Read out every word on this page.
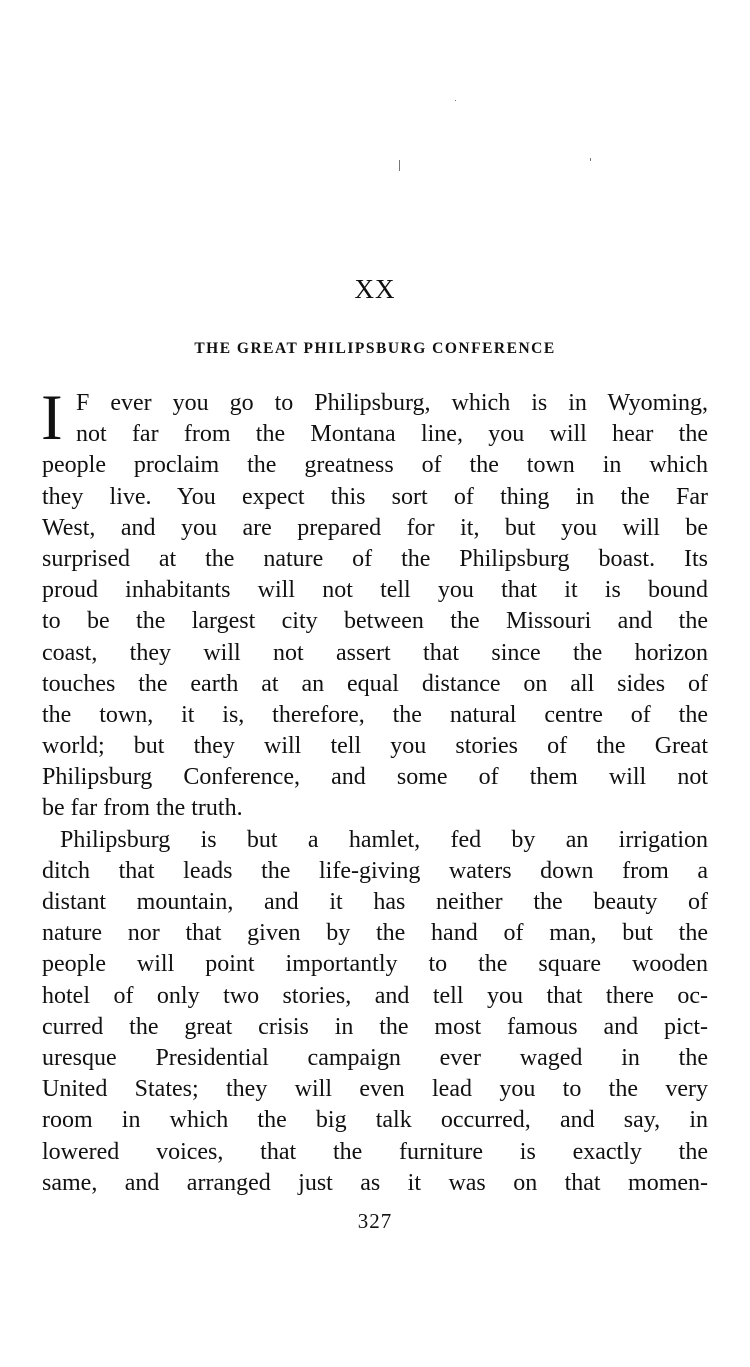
XX
THE GREAT PHILIPSBURG CONFERENCE
I F ever you go to Philipsburg, which is in Wyoming,
not far from the Montana line, you will hear the
people proclaim the greatness of the town in which
they live. You expect this sort of thing in the Far
West, and you are prepared for it, but you will be
surprised at the nature of the Philipsburg boast. Its
proud inhabitants will not tell you that it is bound
to be the largest city between the Missouri and the
coast, they will not assert that since the horizon
touches the earth at an equal distance on all sides of
the town, it is, therefore, the natural centre of the
world; but they will tell you stories of the Great
Philipsburg Conference, and some of them will not
be far from the truth.
Philipsburg is but a hamlet, fed by an irrigation
ditch that leads the life-giving waters down from a
distant mountain, and it has neither the beauty of
nature nor that given by the hand of man, but the
people will point importantly to the square wooden
hotel of only two stories, and tell you that there oc-
curred the great crisis in the most famous and pict-
uresque Presidential campaign ever waged in the
United States; they will even lead you to the very
room in which the big talk occurred, and say, in
lowered voices, that the furniture is exactly the
same, and arranged just as it was on that momen-
327
